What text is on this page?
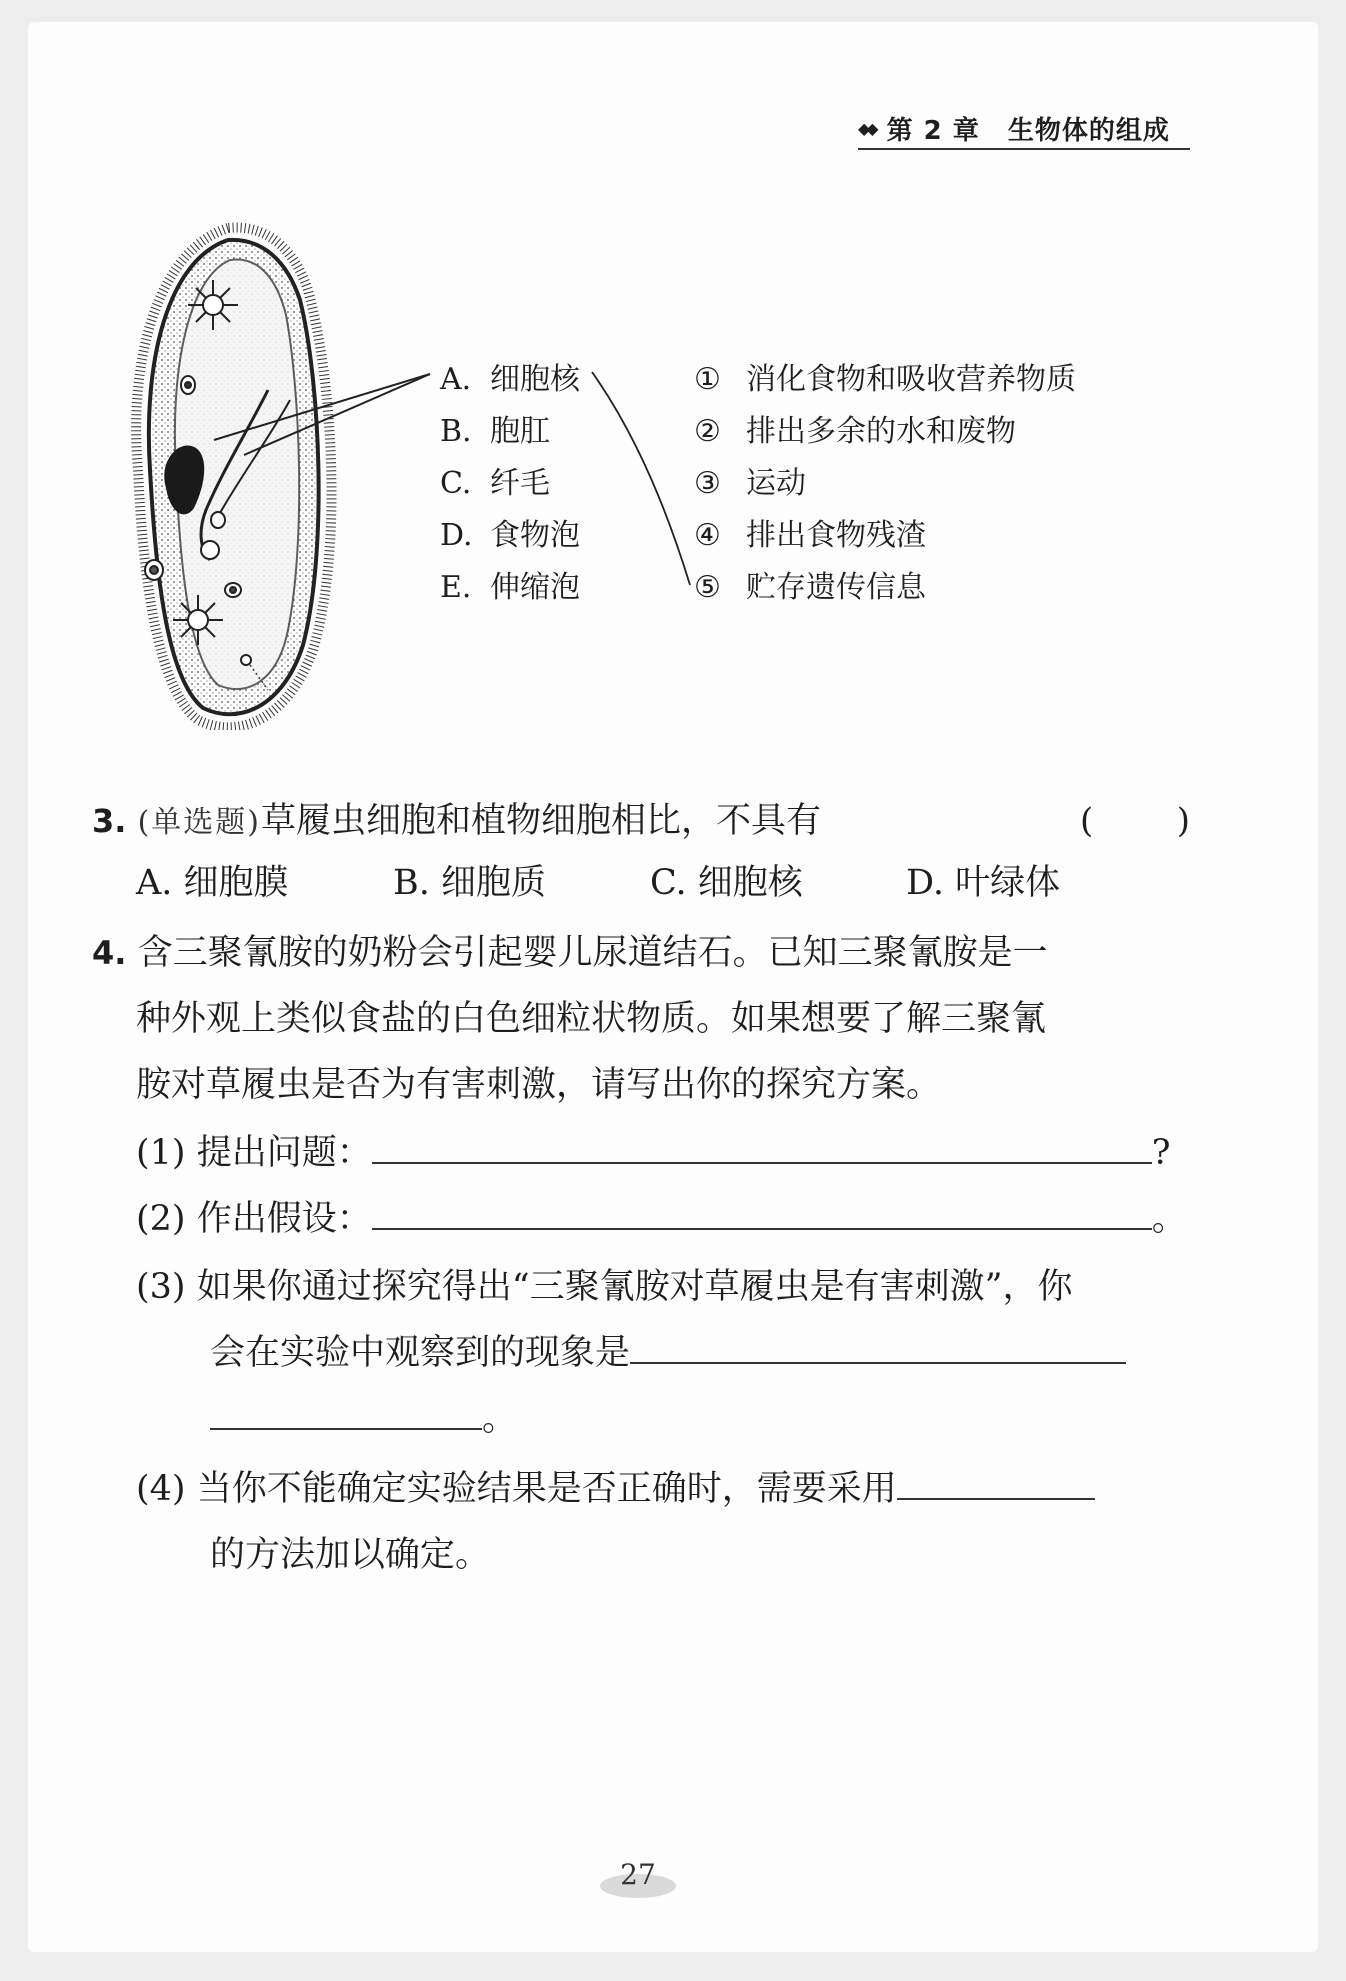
◆◆ 第 2 章 生物体的组成
A. 细胞核
B. 胞肛
C. 纤毛
D. 食物泡
E. 伸缩泡
① 消化食物和吸收营养物质
② 排出多余的水和废物
③ 运动
④ 排出食物残渣
⑤ 贮存遗传信息
3. (单选题)草履虫细胞和植物细胞相比，不具有	( )
A. 细胞膜	B. 细胞质	C. 细胞核	D. 叶绿体
4. 含三聚氰胺的奶粉会引起婴儿尿道结石。已知三聚氰胺是一
种外观上类似食盐的白色细粒状物质。如果想要了解三聚氰
胺对草履虫是否为有害刺激，请写出你的探究方案。
(1) 提出问题：	?
(2) 作出假设：	。
(3) 如果你通过探究得出“三聚氰胺对草履虫是有害刺激”，你
会在实验中观察到的现象是
。
(4) 当你不能确定实验结果是否正确时，需要采用
的方法加以确定。
27
